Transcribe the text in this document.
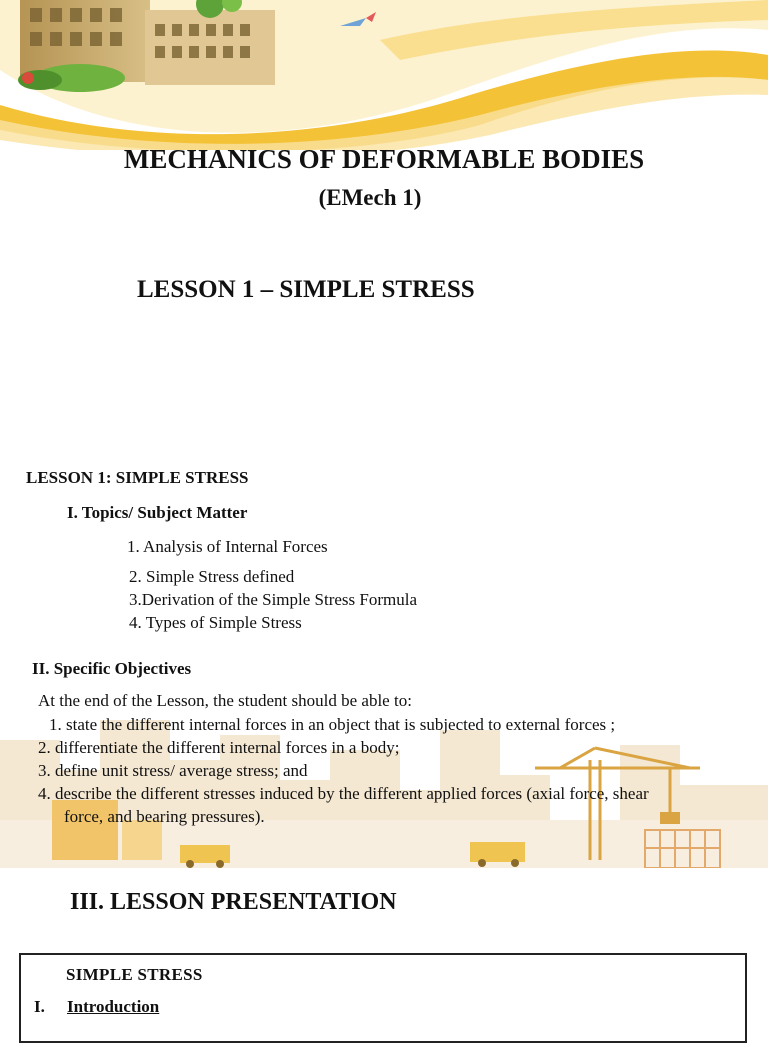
MECHANICS OF DEFORMABLE BODIES
(EMech 1)
LESSON 1 – SIMPLE STRESS
LESSON 1: SIMPLE STRESS
I. Topics/ Subject Matter
1. Analysis of Internal Forces
2. Simple Stress defined
3.Derivation of the Simple Stress Formula
4. Types of Simple Stress
II. Specific Objectives
At the end of the Lesson, the student should be able to:
1. state the different internal forces in an object that is subjected to external forces ;
2. differentiate the different internal forces in a body;
3. define unit stress/ average stress; and
4. describe the different stresses induced by the different applied forces (axial force, shear
force, and bearing pressures).
III. LESSON PRESENTATION
SIMPLE STRESS
I. Introduction
